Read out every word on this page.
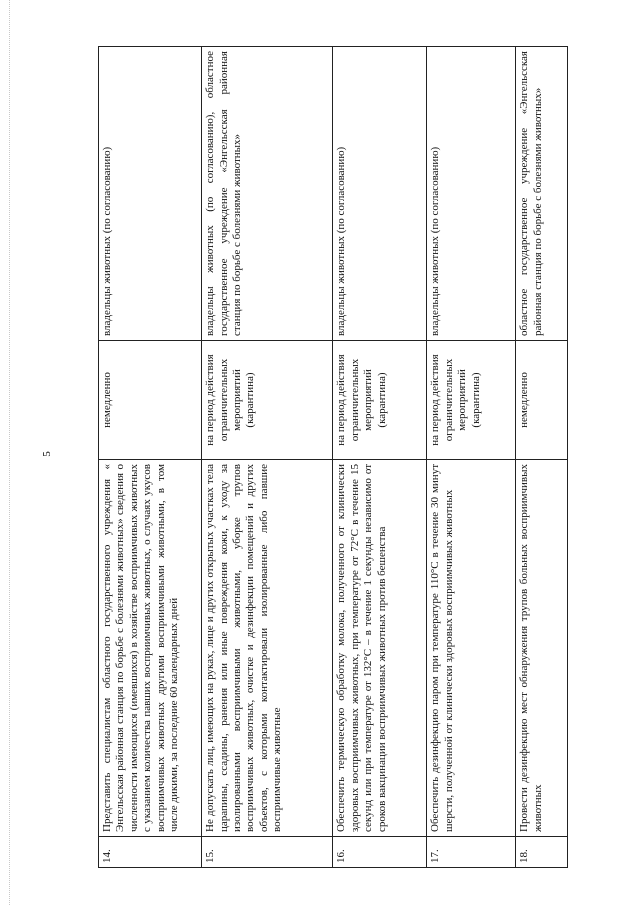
5
14.	Представить специалистам областного государственного учреждения « Энгельсская районная станция по борьбе с болезнями животных» сведения о численности имеющихся (имевшихся) в хозяйстве восприимчивых животных с указанием количества павших восприимчивых животных, о случаях укусов восприимчивых животных другими восприимчивыми животными, в том числе дикими, за последние 60 календарных дней	немедленно	владельцы животных (по согласованию)
15.	Не допускать лиц, имеющих на руках, лице и других открытых участках тела царапины, ссадины, ранения или иные повреждения кожи, к уходу за изолированными восприимчивыми животными, уборке трупов восприимчивых животных, очистке и дезинфекции помещений и других объектов, с которыми контактировали изолированные либо павшие восприимчивые животные	на период действия ограничительных мероприятий (карантина)	владельцы животных (по согласованию), областное государственное учреждение «Энгельсская районная станция по борьбе с болезнями животных»
16.	Обеспечить термическую обработку молока, полученного от клинически здоровых восприимчивых животных, при температуре от 72°С в течение 15 секунд или при температуре от 132°С – в течение 1 секунды независимо от сроков вакцинации восприимчивых животных против бешенства	на период действия ограничительных мероприятий (карантина)	владельцы животных (по согласованию)
17.	Обеспечить дезинфекцию паром при температуре 110°С в течение 30 минут шерсти, полученной от клинически здоровых восприимчивых животных	на период действия ограничительных мероприятий (карантина)	владельцы животных (по согласованию)
18.	Провести дезинфекцию мест обнаружения трупов больных восприимчивых животных	немедленно	областное государственное учреждение «Энгельсская районная станция по борьбе с болезнями животных»
